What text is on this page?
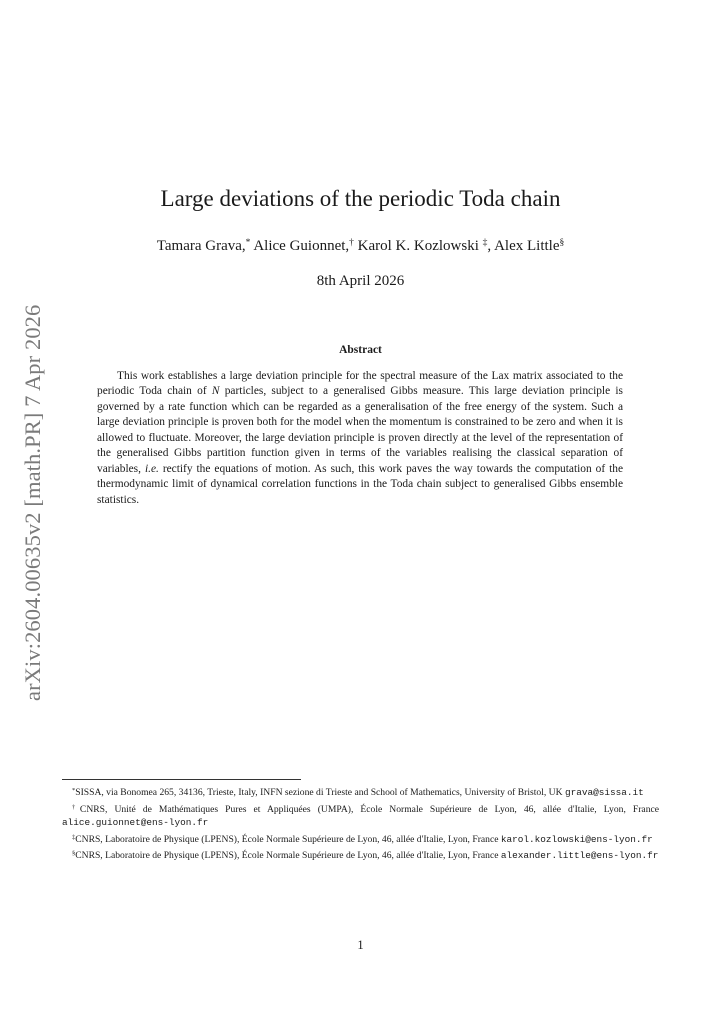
arXiv:2604.00635v2 [math.PR] 7 Apr 2026
Large deviations of the periodic Toda chain
Tamara Grava,* Alice Guionnet,† Karol K. Kozlowski ‡, Alex Little§
8th April 2026
Abstract

This work establishes a large deviation principle for the spectral measure of the Lax matrix associated to the periodic Toda chain of N particles, subject to a generalised Gibbs measure. This large deviation principle is governed by a rate function which can be regarded as a generalisation of the free energy of the system. Such a large deviation principle is proven both for the model when the momentum is constrained to be zero and when it is allowed to fluctuate. Moreover, the large deviation principle is proven directly at the level of the representation of the generalised Gibbs partition function given in terms of the variables realising the classical separation of variables, i.e. rectify the equations of motion. As such, this work paves the way towards the computation of the thermodynamic limit of dynamical correlation functions in the Toda chain subject to generalised Gibbs ensemble statistics.

*SISSA, via Bonomea 265, 34136, Trieste, Italy, INFN sezione di Trieste and School of Mathematics, University of Bristol, UK grava@sissa.it

†CNRS, Unité de Mathématiques Pures et Appliquées (UMPA), École Normale Supérieure de Lyon, 46, allée d'Italie, Lyon, France alice.guionnet@ens-lyon.fr

‡CNRS, Laboratoire de Physique (LPENS), École Normale Supérieure de Lyon, 46, allée d'Italie, Lyon, France karol.kozlowski@ens-lyon.fr

§CNRS, Laboratoire de Physique (LPENS), École Normale Supérieure de Lyon, 46, allée d'Italie, Lyon, France alexander.little@ens-lyon.fr

1
